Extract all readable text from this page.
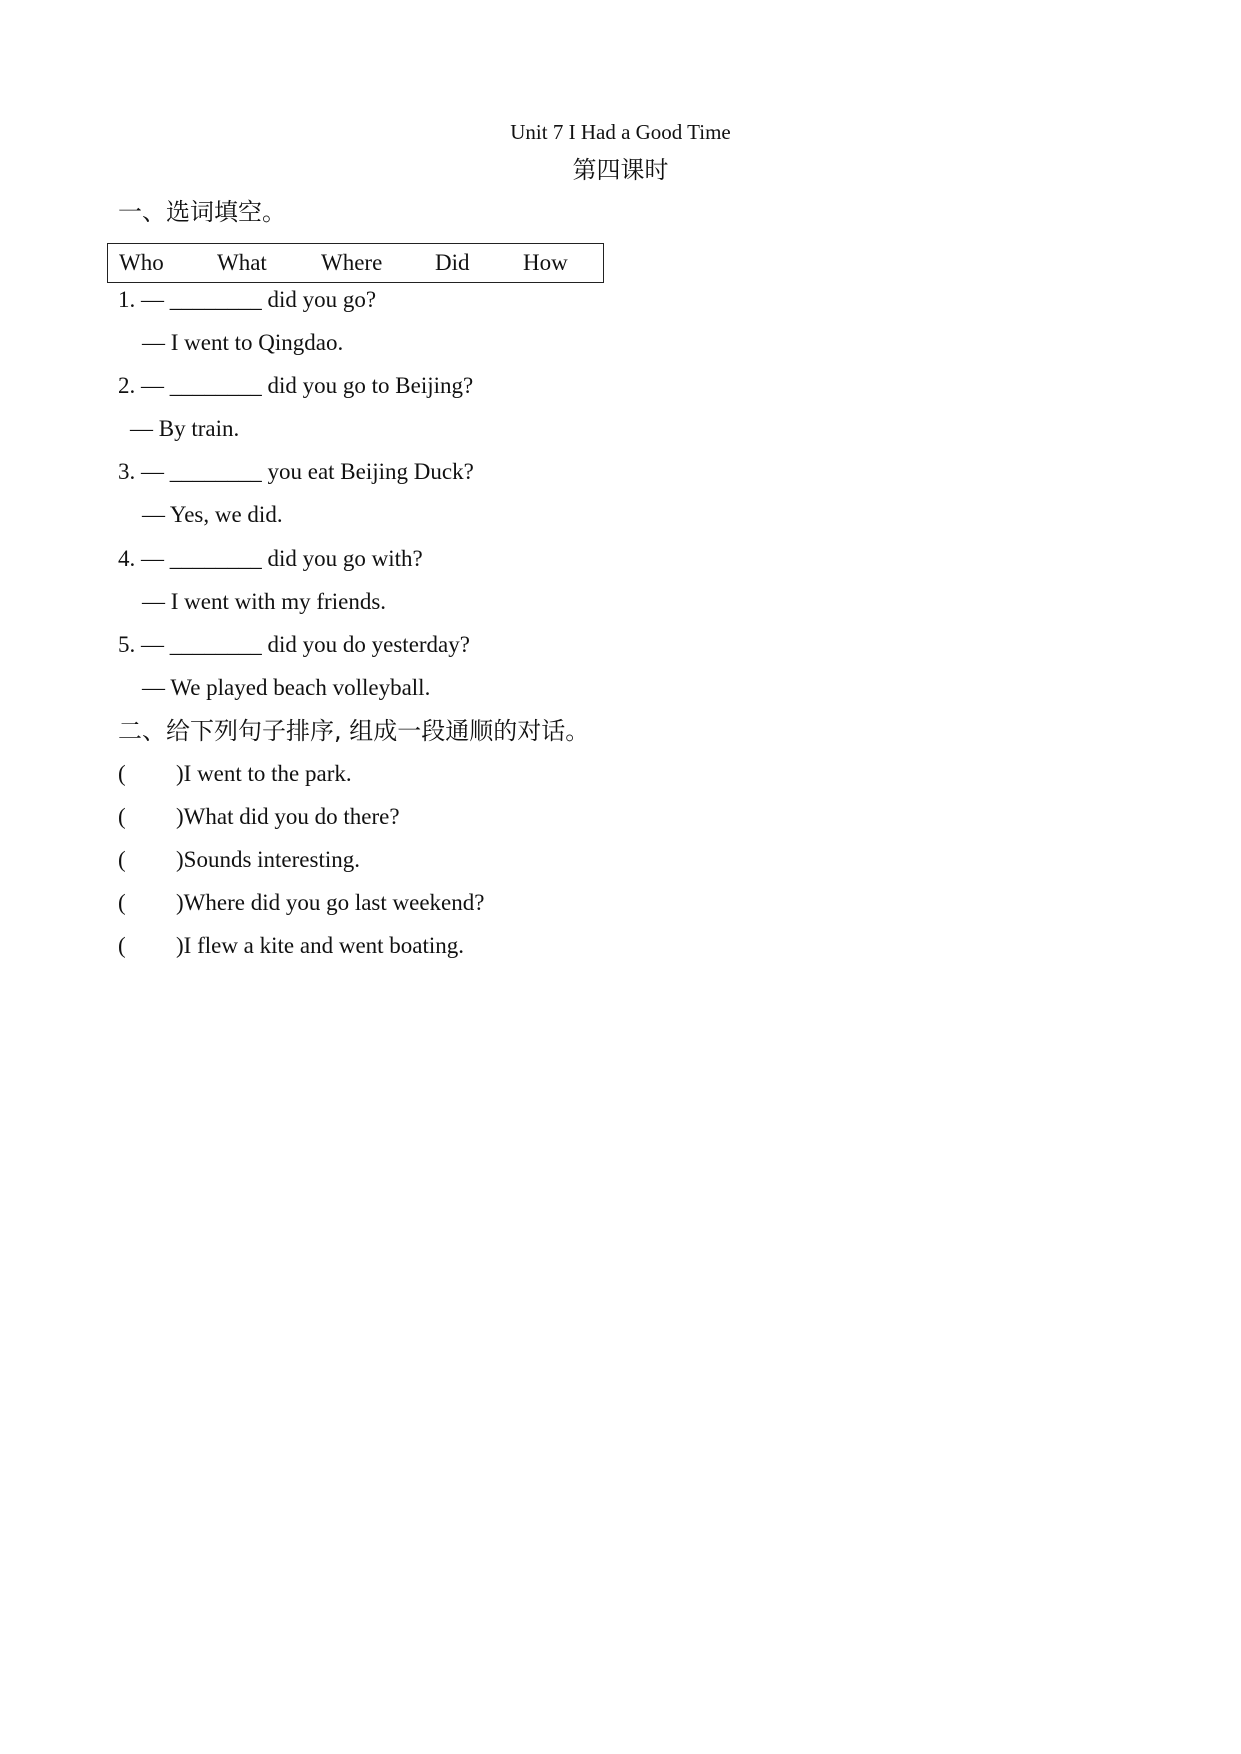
Unit 7 I Had a Good Time
第四课时
一、选词填空。
Who What Where Did How
1. — ________ did you go?
— I went to Qingdao.
2. — ________ did you go to Beijing?
— By train.
3. — ________ you eat Beijing Duck?
— Yes, we did.
4. — ________ did you go with?
— I went with my friends.
5. — ________ did you do yesterday?
— We played beach volleyball.
二、给下列句子排序, 组成一段通顺的对话。
( )I went to the park.
( )What did you do there?
( )Sounds interesting.
( )Where did you go last weekend?
( )I flew a kite and went boating.
